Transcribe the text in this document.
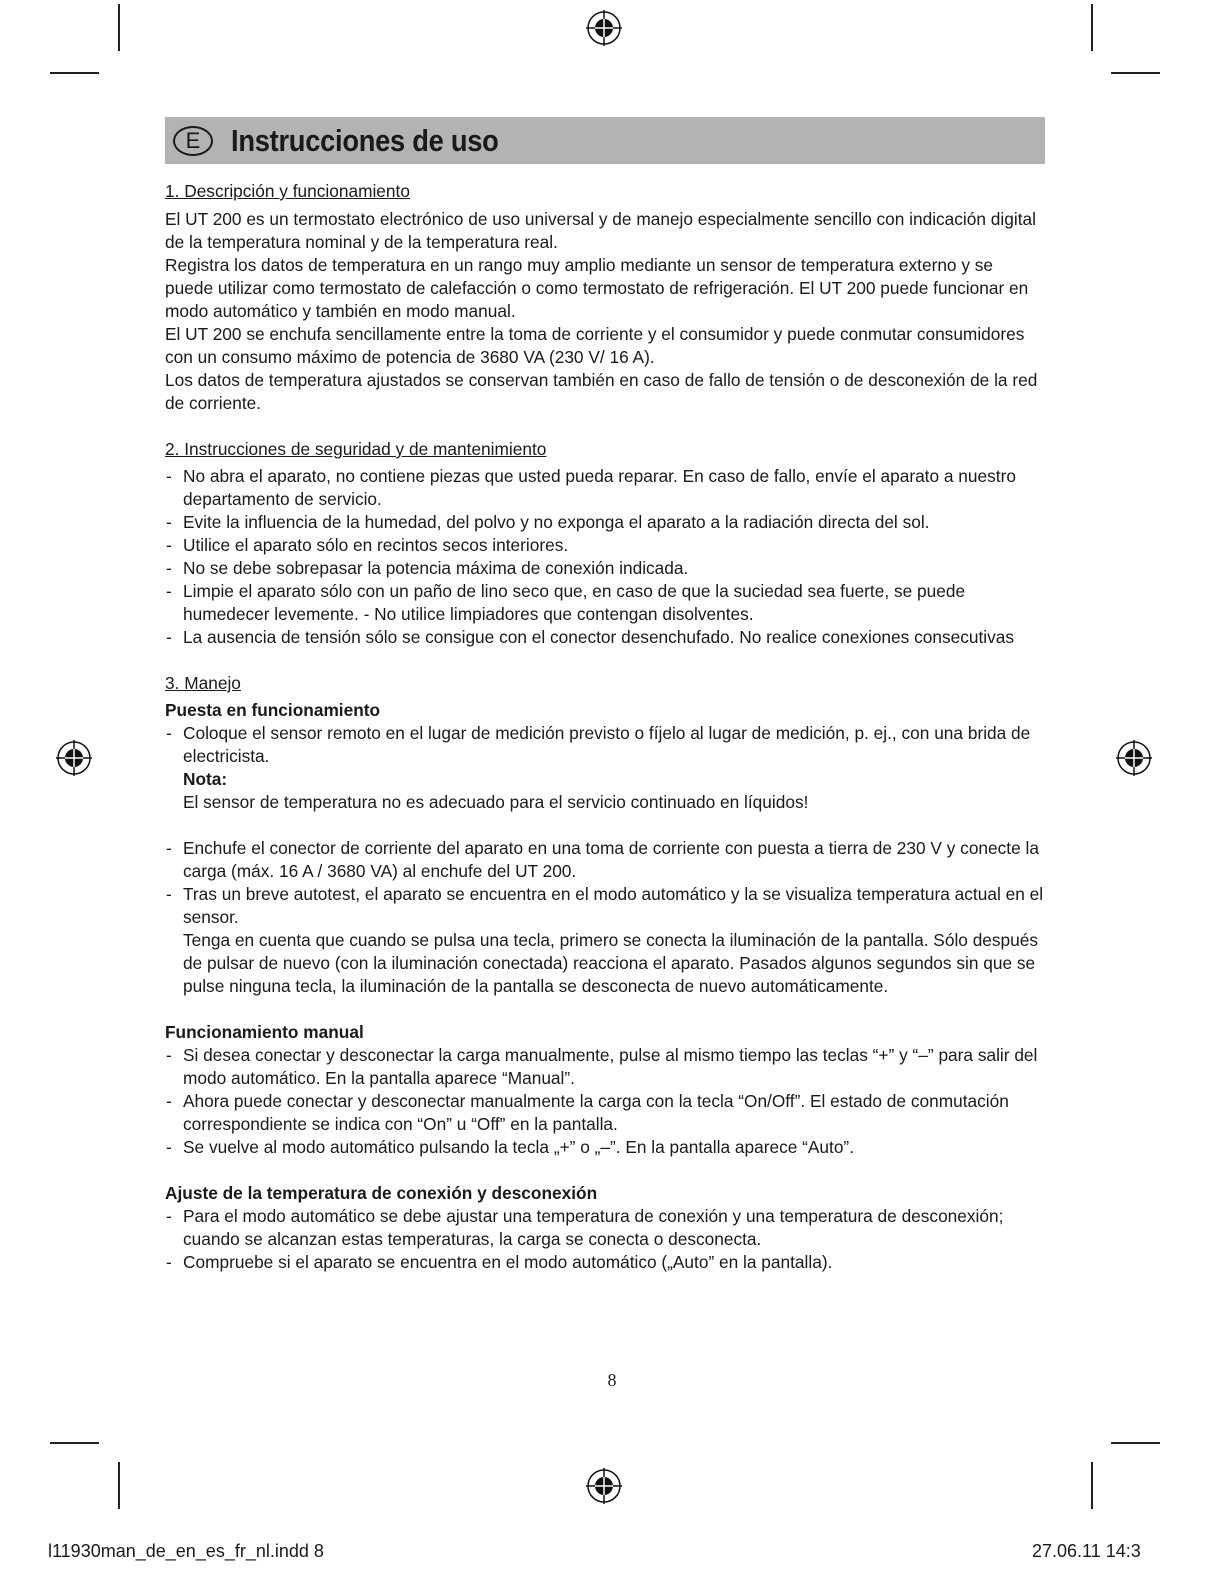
E Instrucciones de uso

1. Descripción y funcionamiento

El UT 200 es un termostato electrónico de uso universal y de manejo especialmente sencillo con indicación digital de la temperatura nominal y de la temperatura real.

Registra los datos de temperatura en un rango muy amplio mediante un sensor de temperatura externo y se puede utilizar como termostato de calefacción o como termostato de refrigeración. El UT 200 puede funcionar en modo automático y también en modo manual.

El UT 200 se enchufa sencillamente entre la toma de corriente y el consumidor y puede conmutar consumidores con un consumo máximo de potencia de 3680 VA (230 V/ 16 A).

Los datos de temperatura ajustados se conservan también en caso de fallo de tensión o de desconexión de la red de corriente.

2. Instrucciones de seguridad y de mantenimiento

- No abra el aparato, no contiene piezas que usted pueda reparar. En caso de fallo, envíe el aparato a nuestro departamento de servicio.
- Evite la influencia de la humedad, del polvo y no exponga el aparato a la radiación directa del sol.
- Utilice el aparato sólo en recintos secos interiores.
- No se debe sobrepasar la potencia máxima de conexión indicada.
- Limpie el aparato sólo con un paño de lino seco que, en caso de que la suciedad sea fuerte, se puede humedecer levemente. - No utilice limpiadores que contengan disolventes.
- La ausencia de tensión sólo se consigue con el conector desenchufado. No realice conexiones consecutivas

3. Manejo

Puesta en funcionamiento

- Coloque el sensor remoto en el lugar de medición previsto o fíjelo al lugar de medición, p. ej., con una brida de electricista.
Nota:
El sensor de temperatura no es adecuado para el servicio continuado en líquidos!
- Enchufe el conector de corriente del aparato en una toma de corriente con puesta a tierra de 230 V y conecte la carga (máx. 16 A / 3680 VA) al enchufe del UT 200.
- Tras un breve autotest, el aparato se encuentra en el modo automático y la se visualiza temperatura actual en el sensor.
Tenga en cuenta que cuando se pulsa una tecla, primero se conecta la iluminación de la pantalla. Sólo después de pulsar de nuevo (con la iluminación conectada) reacciona el aparato. Pasados algunos segundos sin que se pulse ninguna tecla, la iluminación de la pantalla se desconecta de nuevo automáticamente.

Funcionamiento manual

- Si desea conectar y desconectar la carga manualmente, pulse al mismo tiempo las teclas “+” y “–” para salir del modo automático. En la pantalla aparece “Manual”.
- Ahora puede conectar y desconectar manualmente la carga con la tecla “On/Off”. El estado de conmutación correspondiente se indica con “On” u “Off” en la pantalla.
- Se vuelve al modo automático pulsando la tecla „+” o „–”. En la pantalla aparece “Auto”.

Ajuste de la temperatura de conexión y desconexión

- Para el modo automático se debe ajustar una temperatura de conexión y una temperatura de desconexión; cuando se alcanzan estas temperaturas, la carga se conecta o desconecta.
- Compruebe si el aparato se encuentra en el modo automático („Auto” en la pantalla).
8
l11930man_de_en_es_fr_nl.indd 8	27.06.11 14:3
